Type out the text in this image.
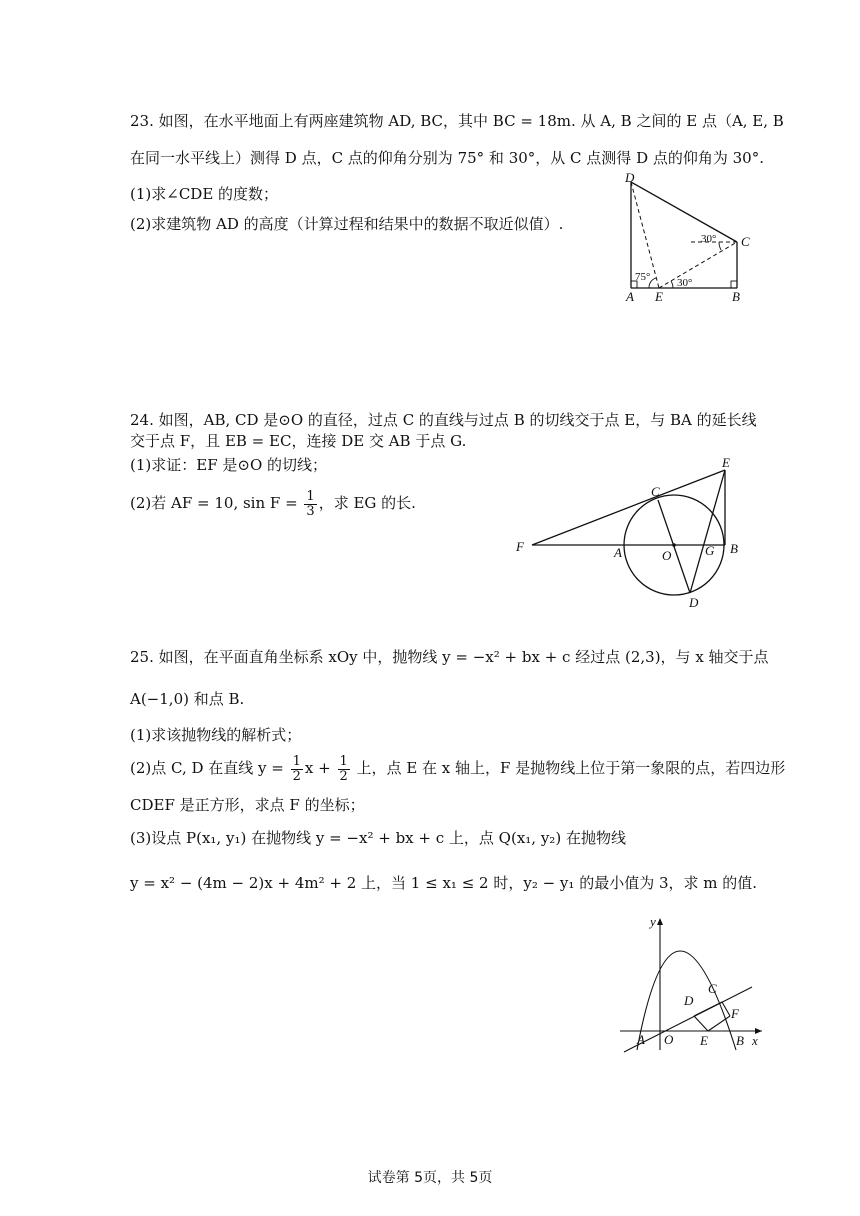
23. 如图，在水平地面上有两座建筑物 AD, BC，其中 BC = 18m. 从 A, B 之间的 E 点（A, E, B
在同一水平线上）测得 D 点，C 点的仰角分别为 75° 和 30°，从 C 点测得 D 点的仰角为 30°.
(1)求∠CDE 的度数；
(2)求建筑物 AD 的高度（计算过程和结果中的数据不取近似值）.
D
C
A E	B
30°
75° 30°
24. 如图，AB, CD 是⊙O 的直径，过点 C 的直线与过点 B 的切线交于点 E，与 BA 的延长线
交于点 F，且 EB = EC，连接 DE 交 AB 于点 G.
(1)求证：EF 是⊙O 的切线；
(2)若 AF = 10, $\sin F = \frac{1}{3}$ ，求 EG 的长.
E
C
F	A	O	G B
D
25. 如图，在平面直角坐标系 xOy 中，抛物线 y = −x² + bx + c 经过点 (2,3)，与 x 轴交于点
A(−1,0) 和点 B.
(1)求该抛物线的解析式；
(2)点 C, D 在直线 $y = \frac{1}{2}$ $x + \frac{1}{2}$ 上，点 E 在 x 轴上，F 是抛物线上位于第一象限的点，若四边形
CDEF 是正方形，求点 F 的坐标；
(3)设点 P(x₁, y₁) 在抛物线 y = −x² + bx + c 上，点 Q(x₁, y₂) 在抛物线
y = x² − (4m − 2)x + 4m² + 2 上，当 1 ≤ x₁ ≤ 2 时，y₂ − y₁ 的最小值为 3，求 m 的值.
y
x
A O E B
D
C
F
试卷第 5页，共 5页
